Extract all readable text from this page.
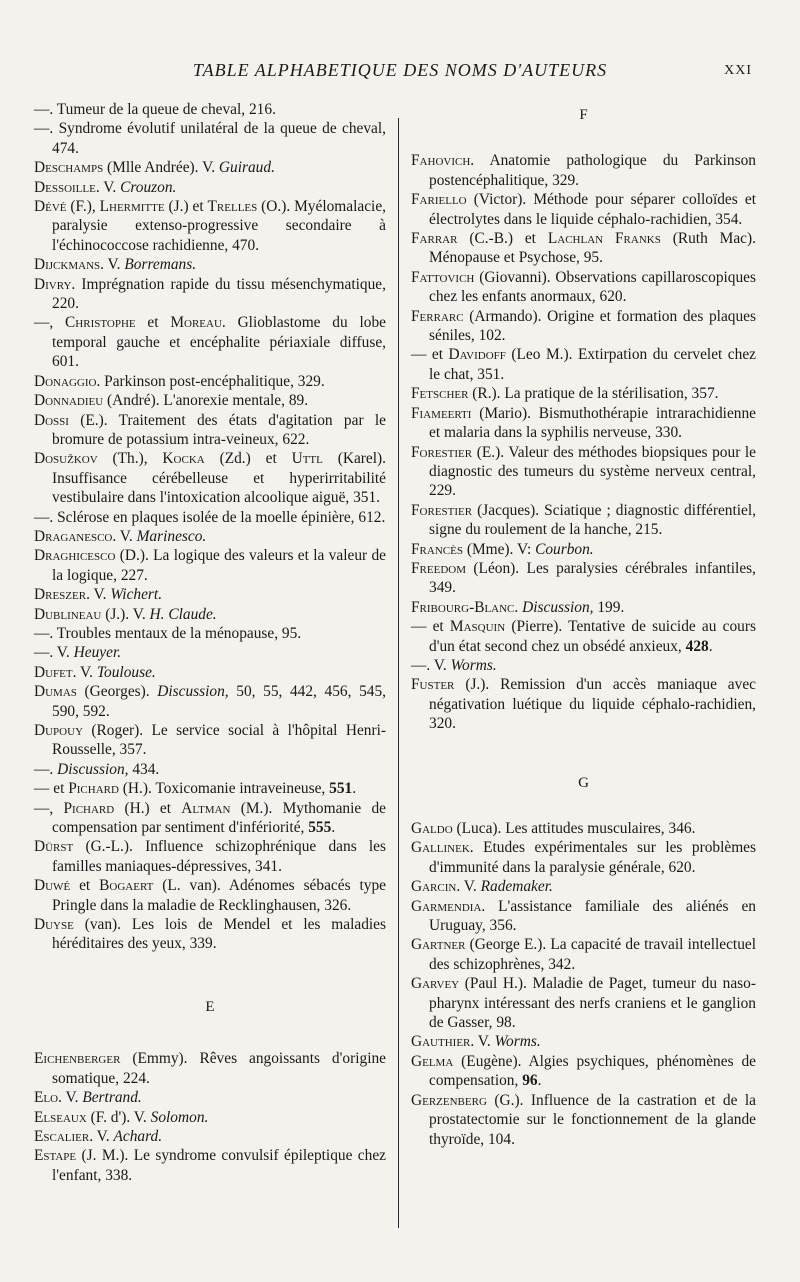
TABLE ALPHABETIQUE DES NOMS D'AUTEURS	XXI
—. Tumeur de la queue de cheval, 216.
—. Syndrome évolutif unilatéral de la queue de cheval, 474.
Deschamps (Mlle Andrée). V. Guiraud.
Dessoille. V. Crouzon.
Dévé (F.), Lhermitte (J.) et Trelles (O.). Myélomalacie, paralysie extenso-progressive secondaire à l'échinococcose rachidienne, 470.
Dijckmans. V. Borremans.
Divry. Imprégnation rapide du tissu mésenchymatique, 220.
—, Christophe et Moreau. Glioblastome du lobe temporal gauche et encéphalite périaxiale diffuse, 601.
Donaggio. Parkinson post-encéphalitique, 329.
Donnadieu (André). L'anorexie mentale, 89.
Dossi (E.). Traitement des états d'agitation par le bromure de potassium intra-veineux, 622.
Dosužkov (Th.), Kocka (Zd.) et Uttl (Karel). Insuffisance cérébelleuse et hyperirritabilité vestibulaire dans l'intoxication alcoolique aiguë, 351.
—. Sclérose en plaques isolée de la moelle épinière, 612.
Draganesco. V. Marinesco.
Draghicesco (D.). La logique des valeurs et la valeur de la logique, 227.
Dreszer. V. Wichert.
Dublineau (J.). V. H. Claude.
—. Troubles mentaux de la ménopause, 95.
—. V. Heuyer.
Dufet. V. Toulouse.
Dumas (Georges). Discussion, 50, 55, 442, 456, 545, 590, 592.
Dupouy (Roger). Le service social à l'hôpital Henri-Rousselle, 357.
—. Discussion, 434.
— et Pichard (H.). Toxicomanie intraveineuse, 551.
—, Pichard (H.) et Altman (M.). Mythomanie de compensation par sentiment d'infériorité, 555.
Dürst (G.-L.). Influence schizophrénique dans les familles maniaques-dépressives, 341.
Duwé et Bogaert (L. van). Adénomes sébacés type Pringle dans la maladie de Recklinghausen, 326.
Duyse (van). Les lois de Mendel et les maladies héréditaires des yeux, 339.
E
Eichenberger (Emmy). Rêves angoissants d'origine somatique, 224.
Elo. V. Bertrand.
Elseaux (F. d'). V. Solomon.
Escalier. V. Achard.
Estape (J. M.). Le syndrome convulsif épileptique chez l'enfant, 338.
F
Fahovich. Anatomie pathologique du Parkinson postencéphalitique, 329.
Fariello (Victor). Méthode pour séparer colloïdes et électrolytes dans le liquide céphalo-rachidien, 354.
Farrar (C.-B.) et Lachlan Franks (Ruth Mac). Ménopause et Psychose, 95.
Fattovich (Giovanni). Observations capillaroscopiques chez les enfants anormaux, 620.
Ferrarc (Armando). Origine et formation des plaques séniles, 102.
— et Davidoff (Leo M.). Extirpation du cervelet chez le chat, 351.
Fetscher (R.). La pratique de la stérilisation, 357.
Fiameerti (Mario). Bismuthothérapie intrarachidienne et malaria dans la syphilis nerveuse, 330.
Forestier (E.). Valeur des méthodes biopsiques pour le diagnostic des tumeurs du système nerveux central, 229.
Forestier (Jacques). Sciatique ; diagnostic différentiel, signe du roulement de la hanche, 215.
Francès (Mme). V: Courbon.
Freedom (Léon). Les paralysies cérébrales infantiles, 349.
Fribourg-Blanc. Discussion, 199.
— et Masquin (Pierre). Tentative de suicide au cours d'un état second chez un obsédé anxieux, 428.
—. V. Worms.
Fuster (J.). Remission d'un accès maniaque avec négativation luétique du liquide céphalo-rachidien, 320.
G
Galdo (Luca). Les attitudes musculaires, 346.
Gallinek. Etudes expérimentales sur les problèmes d'immunité dans la paralysie générale, 620.
Garcin. V. Rademaker.
Garmendia. L'assistance familiale des aliénés en Uruguay, 356.
Gartner (George E.). La capacité de travail intellectuel des schizophrènes, 342.
Garvey (Paul H.). Maladie de Paget, tumeur du naso-pharynx intéressant des nerfs craniens et le ganglion de Gasser, 98.
Gauthier. V. Worms.
Gelma (Eugène). Algies psychiques, phénomènes de compensation, 96.
Gerzenberg (G.). Influence de la castration et de la prostatectomie sur le fonctionnement de la glande thyroïde, 104.
